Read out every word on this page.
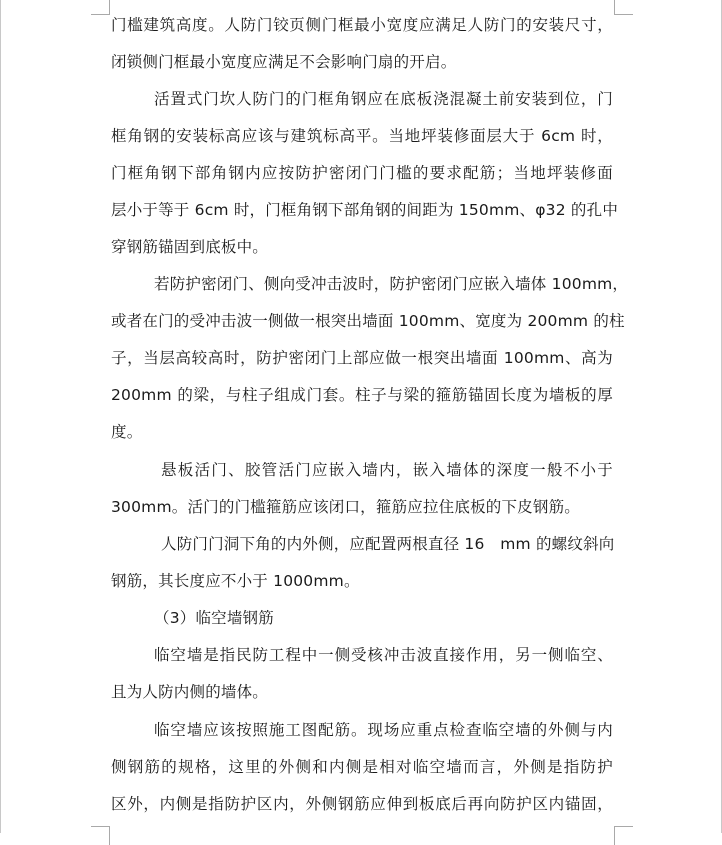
门槛建筑高度。人防门铰页侧门框最小宽度应满足人防门的安装尺寸，
闭锁侧门框最小宽度应满足不会影响门扇的开启。
活置式门坎人防门的门框角钢应在底板浇混凝土前安装到位，门
框角钢的安装标高应该与建筑标高平。当地坪装修面层大于 6cm 时，
门框角钢下部角钢内应按防护密闭门门槛的要求配筋；当地坪装修面
层小于等于 6cm 时，门框角钢下部角钢的间距为 150mm、φ32 的孔中
穿钢筋锚固到底板中。
若防护密闭门、侧向受冲击波时，防护密闭门应嵌入墙体 100mm，
或者在门的受冲击波一侧做一根突出墙面 100mm、宽度为 200mm 的柱
子，当层高较高时，防护密闭门上部应做一根突出墙面 100mm、高为
200mm 的梁，与柱子组成门套。柱子与梁的箍筋锚固长度为墙板的厚
度。
悬板活门、胶管活门应嵌入墙内，嵌入墙体的深度一般不小于
300mm。活门的门槛箍筋应该闭口，箍筋应拉住底板的下皮钢筋。
人防门门洞下角的内外侧，应配置两根直径 16　mm 的螺纹斜向
钢筋，其长度应不小于 1000mm。
（3）临空墙钢筋
临空墙是指民防工程中一侧受核冲击波直接作用，另一侧临空、
且为人防内侧的墙体。
临空墙应该按照施工图配筋。现场应重点检查临空墙的外侧与内
侧钢筋的规格，这里的外侧和内侧是相对临空墙而言，外侧是指防护
区外，内侧是指防护区内，外侧钢筋应伸到板底后再向防护区内锚固，
